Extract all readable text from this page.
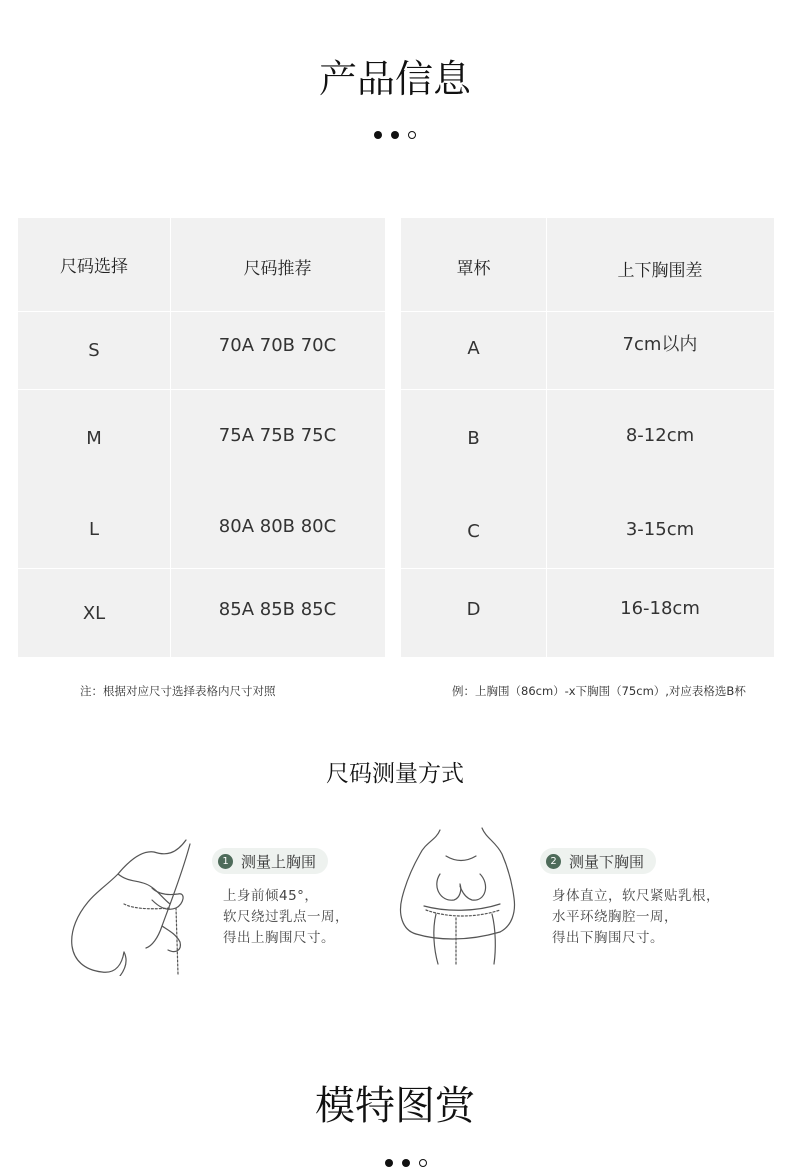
产品信息
尺码选择	尺码推荐
S	70A 70B 70C
M	75A 75B 75C
L	80A 80B 80C
XL	85A 85B 85C
罩杯	上下胸围差
A	7cm以内
B	8-12cm
C	3-15cm
D	16-18cm
注：根据对应尺寸选择表格内尺寸对照	例：上胸围（86cm）-x下胸围（75cm）,对应表格选B杯
尺码测量方式
1 测量上胸围
上身前倾45°，
软尺绕过乳点一周，
得出上胸围尺寸。
2 测量下胸围
身体直立，软尺紧贴乳根，
水平环绕胸腔一周，
得出下胸围尺寸。
模特图赏
